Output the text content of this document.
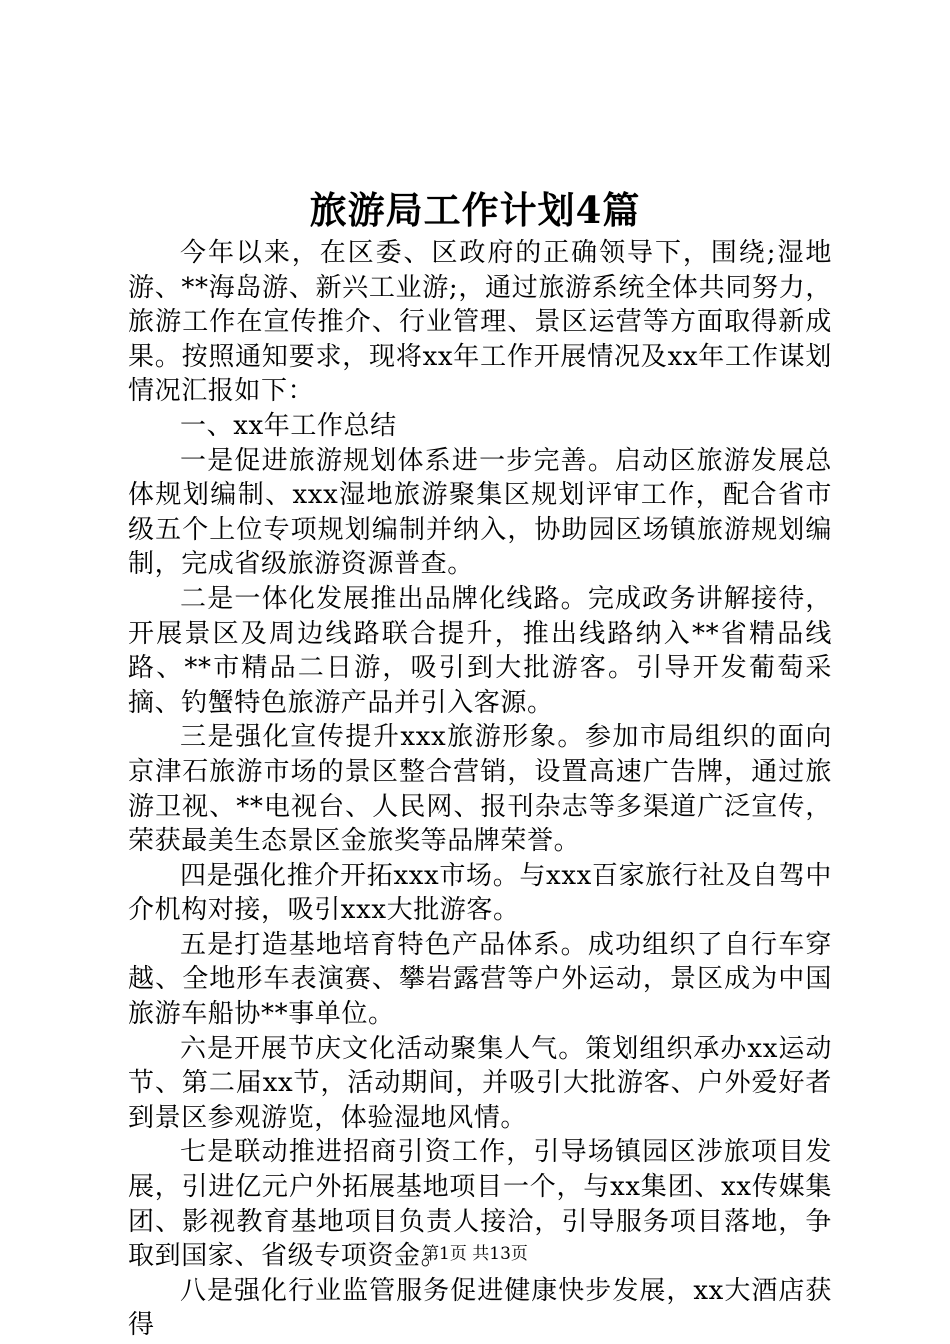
旅游局工作计划4篇

今年以来，在区委、区政府的正确领导下，围绕;湿地游、**海岛游、新兴工业游;，通过旅游系统全体共同努力，旅游工作在宣传推介、行业管理、景区运营等方面取得新成果。按照通知要求，现将xx年工作开展情况及xx年工作谋划情况汇报如下：

一、xx年工作总结

一是促进旅游规划体系进一步完善。启动区旅游发展总体规划编制、xxx湿地旅游聚集区规划评审工作，配合省市级五个上位专项规划编制并纳入，协助园区场镇旅游规划编制，完成省级旅游资源普查。

二是一体化发展推出品牌化线路。完成政务讲解接待，开展景区及周边线路联合提升，推出线路纳入**省精品线路、**市精品二日游，吸引到大批游客。引导开发葡萄采摘、钓蟹特色旅游产品并引入客源。

三是强化宣传提升xxx旅游形象。参加市局组织的面向京津石旅游市场的景区整合营销，设置高速广告牌，通过旅游卫视、**电视台、人民网、报刊杂志等多渠道广泛宣传，荣获最美生态景区金旅奖等品牌荣誉。

四是强化推介开拓xxx市场。与xxx百家旅行社及自驾中介机构对接，吸引xxx大批游客。

五是打造基地培育特色产品体系。成功组织了自行车穿越、全地形车表演赛、攀岩露营等户外运动，景区成为中国旅游车船协**事单位。

六是开展节庆文化活动聚集人气。策划组织承办xx运动节、第二届xx节，活动期间，并吸引大批游客、户外爱好者到景区参观游览，体验湿地风情。

七是联动推进招商引资工作，引导场镇园区涉旅项目发展，引进亿元户外拓展基地项目一个，与xx集团、xx传媒集团、影视教育基地项目负责人接洽，引导服务项目落地，争取到国家、省级专项资金。

八是强化行业监管服务促进健康快步发展，xx大酒店获得

第1页 共13页
